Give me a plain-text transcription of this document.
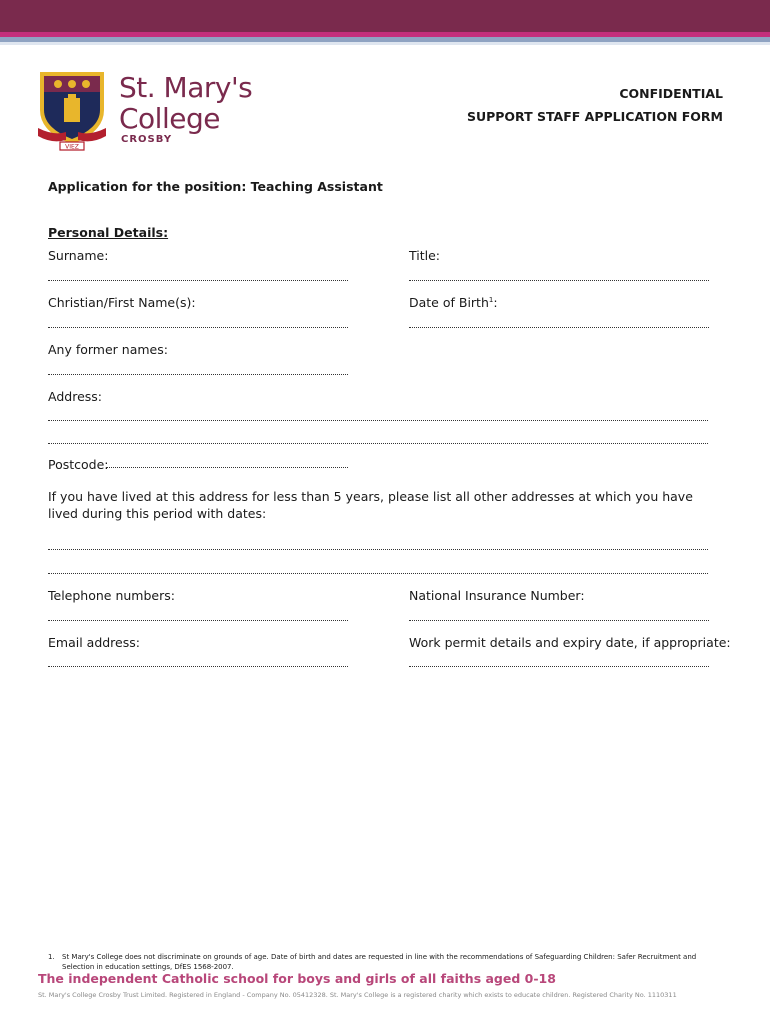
VIEZ
St. Mary's
College
CROSBY
CONFIDENTIAL
SUPPORT STAFF APPLICATION FORM
Application for the position: Teaching Assistant
Personal Details:
Surname:	Title:
Christian/First Name(s):	Date of Birth$^1$:
Any former names:
Address:
Postcode:
If you have lived at this address for less than 5 years, please list all other addresses at which you have lived during this period with dates:
Telephone numbers:	National Insurance Number:
Email address:	Work permit details and expiry date, if appropriate:
1. St Mary's College does not discriminate on grounds of age. Date of birth and dates are requested in line with the recommendations of Safeguarding Children: Safer Recruitment and Selection in education settings, DfES 1568-2007.
The independent Catholic school for boys and girls of all faiths aged 0-18
St. Mary's College Crosby Trust Limited. Registered in England - Company No. 05412328. St. Mary's College is a registered charity which exists to educate children. Registered Charity No. 1110311
